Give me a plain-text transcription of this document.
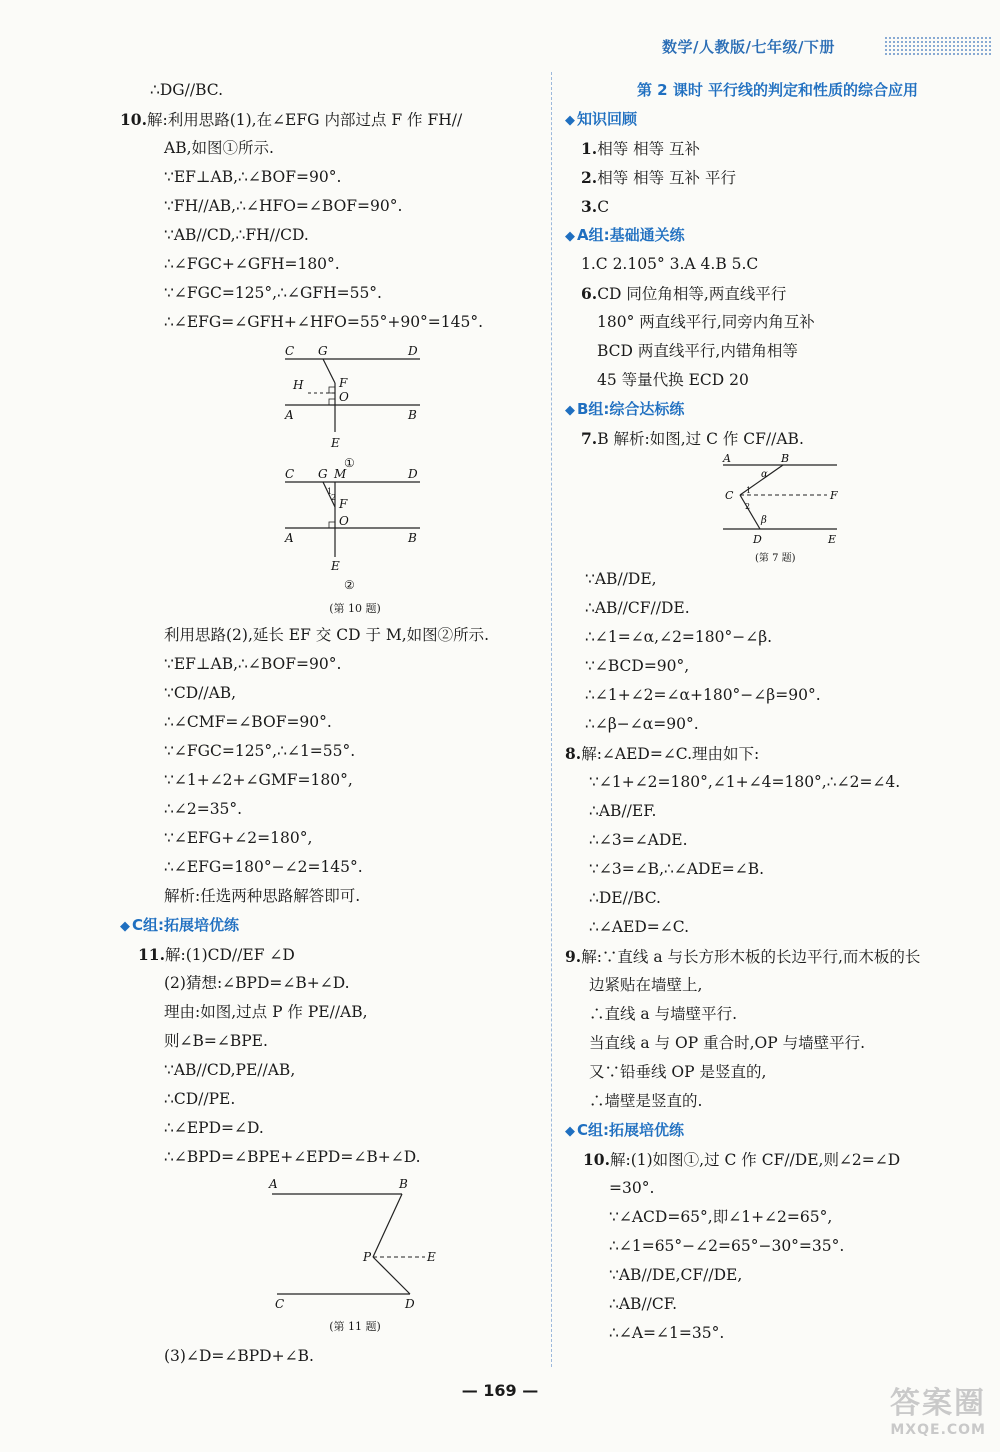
数学/人教版/七年级/下册
∴DG//BC.
10.解:利用思路(1),在∠EFG 内部过点 F 作 FH//
AB,如图①所示.
∵EF⊥AB,∴∠BOF=90°.
∵FH//AB,∴∠HFO=∠BOF=90°.
∵AB//CD,∴FH//CD.
∴∠FGC+∠GFH=180°.
∵∠FGC=125°,∴∠GFH=55°.
∴∠EFG=∠GFH+∠HFO=55°+90°=145°.
C G	D
H	F
O
A	B
E
①
C G M	D
1
2 F
A
O
B
E
②
(第 10 题)
利用思路(2),延长 EF 交 CD 于 M,如图②所示.
∵EF⊥AB,∴∠BOF=90°.
∵CD//AB,
∴∠CMF=∠BOF=90°.
∵∠FGC=125°,∴∠1=55°.
∵∠1+∠2+∠GMF=180°,
∴∠2=35°.
∵∠EFG+∠2=180°,
∴∠EFG=180°−∠2=145°.
解析:任选两种思路解答即可.
◆ C组:拓展培优练
11.解:(1)CD//EF ∠D
(2)猜想:∠BPD=∠B+∠D.
理由:如图,过点 P 作 PE//AB,
则∠B=∠BPE.
∵AB//CD,PE//AB,
∴CD//PE.
∴∠EPD=∠D.
∴∠BPD=∠BPE+∠EPD=∠B+∠D.
A	B
P	E
C	D
(第 11 题)
(3)∠D=∠BPD+∠B.
第 2 课时 平行线的判定和性质的综合应用
◆ 知识回顾
1.相等 相等 互补
2.相等 相等 互补 平行
3.C
◆ A组:基础通关练
1.C 2.105° 3.A 4.B 5.C
6.CD 同位角相等,两直线平行
180° 两直线平行,同旁内角互补
BCD 两直线平行,内错角相等
45 等量代换 ECD 20
◆ B组:综合达标练
7.B 解析:如图,过 C 作 CF//AB.
A	B
α
C 1
2
F
β
D	E
(第 7 题)
∵AB//DE,
∴AB//CF//DE.
∴∠1=∠α,∠2=180°−∠β.
∵∠BCD=90°,
∴∠1+∠2=∠α+180°−∠β=90°.
∴∠β−∠α=90°.
8.解:∠AED=∠C.理由如下:
∵∠1+∠2=180°,∠1+∠4=180°,∴∠2=∠4.
∴AB//EF.
∴∠3=∠ADE.
∵∠3=∠B,∴∠ADE=∠B.
∴DE//BC.
∴∠AED=∠C.
9.解:∵直线 a 与长方形木板的长边平行,而木板的长
边紧贴在墙壁上,
∴直线 a 与墙壁平行.
当直线 a 与 OP 重合时,OP 与墙壁平行.
又∵铅垂线 OP 是竖直的,
∴墙壁是竖直的.
◆ C组:拓展培优练
10.解:(1)如图①,过 C 作 CF//DE,则∠2=∠D
=30°.
∵∠ACD=65°,即∠1+∠2=65°,
∴∠1=65°−∠2=65°−30°=35°.
∵AB//DE,CF//DE,
∴AB//CF.
∴∠A=∠1=35°.
— 169 —	答案圈
MXQE.COM
